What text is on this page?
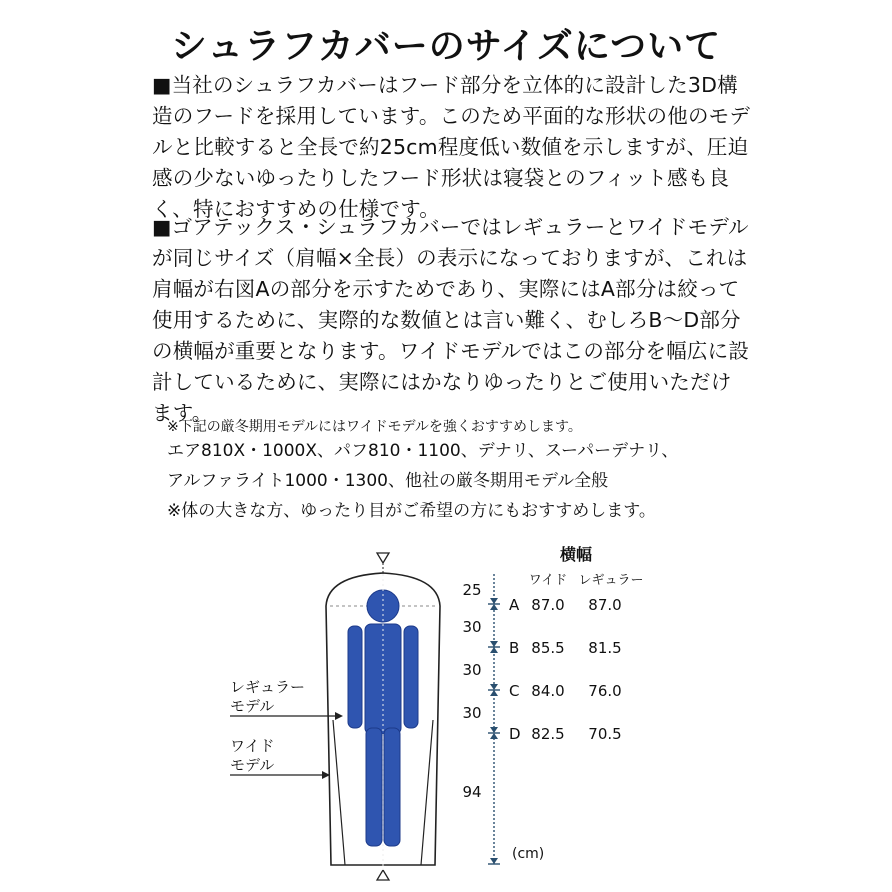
シュラフカバーのサイズについて

■当社のシュラフカバーはフード部分を立体的に設計した3D構造のフードを採用しています。このため平面的な形状の他のモデルと比較すると全長で約25cm程度低い数値を示しますが、圧迫感の少ないゆったりしたフード形状は寝袋とのフィット感も良く、特におすすめの仕様です。

■ゴアテックス・シュラフカバーではレギュラーとワイドモデルが同じサイズ（肩幅×全長）の表示になっておりますが、これは肩幅が右図Aの部分を示すためであり、実際にはA部分は絞って使用するために、実際的な数値とは言い難く、むしろB〜D部分の横幅が重要となります。ワイドモデルではこの部分を幅広に設計しているために、実際にはかなりゆったりとご使用いただけます。

※下記の厳冬期用モデルにはワイドモデルを強くおすすめします。

エア810X・1000X、パフ810・1100、デナリ、スーパーデナリ、

アルファライト1000・1300、他社の厳冬期用モデル全般

※体の大きな方、ゆったり目がご希望の方にもおすすめします。

レギュラー
モデル
ワイド
モデル
25
30
30
30
94
横幅
ワイド レギュラー
A 87.0 87.0
B 85.5 81.5
C 84.0 76.0
D 82.5 70.5
(cm)
